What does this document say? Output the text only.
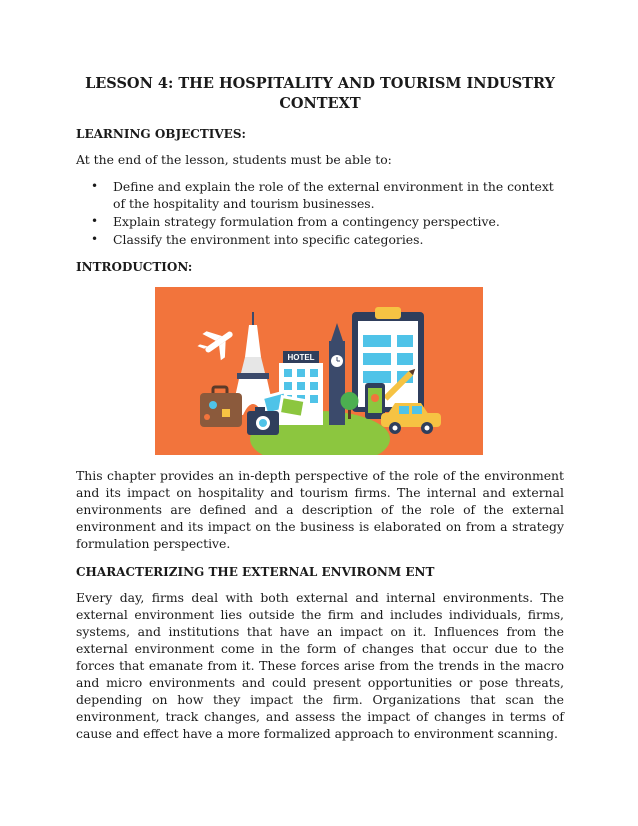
LESSON 4: THE HOSPITALITY AND TOURISM INDUSTRY CONTEXT
LEARNING OBJECTIVES:

At the end of the lesson, students must be able to:

• Define and explain the role of the external environment in the context of the hospitality and tourism businesses.
• Explain strategy formulation from a contingency perspective.
• Classify the environment into specific categories.
INTRODUCTION:
HOTEL

This chapter provides an in-depth perspective of the role of the environment and its impact on hospitality and tourism firms. The internal and external environments are defined and a description of the role of the external environment and its impact on the business is elaborated on from a strategy formulation perspective.

CHARACTERIZING THE EXTERNAL ENVIRONM ENT

Every day, firms deal with both external and internal environments. The external environment lies outside the firm and includes individuals, firms, systems, and institutions that have an impact on it. Influences from the external environment come in the form of changes that occur due to the forces that emanate from it. These forces arise from the trends in the macro and micro environments and could present opportunities or pose threats, depending on how they impact the firm. Organizations that scan the environment, track changes, and assess the impact of changes in terms of cause and effect have a more formalized approach to environment scanning.
